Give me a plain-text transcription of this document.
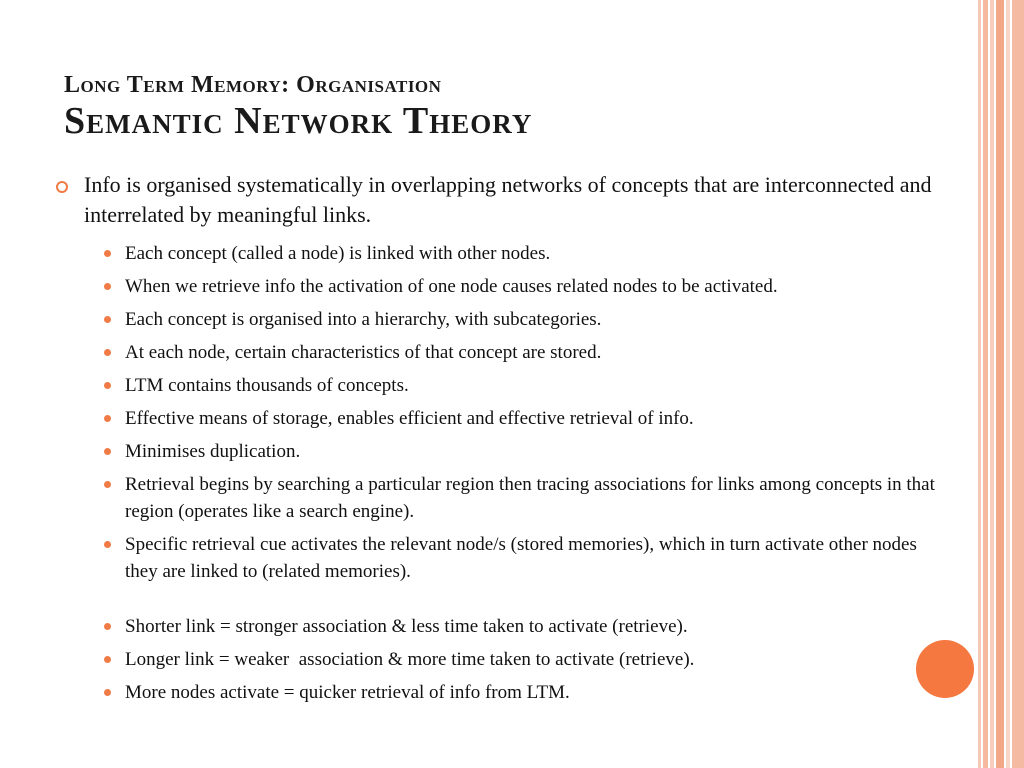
Long Term Memory: Organisation
Semantic Network Theory
Info is organised systematically in overlapping networks of concepts that are interconnected and interrelated by meaningful links.
Each concept (called a node) is linked with other nodes.
When we retrieve info the activation of one node causes related nodes to be activated.
Each concept is organised into a hierarchy, with subcategories.
At each node, certain characteristics of that concept are stored.
LTM contains thousands of concepts.
Effective means of storage, enables efficient and effective retrieval of info.
Minimises duplication.
Retrieval begins by searching a particular region then tracing associations for links among concepts in that region (operates like a search engine).
Specific retrieval cue activates the relevant node/s (stored memories), which in turn activate other nodes they are linked to (related memories).
Shorter link = stronger association & less time taken to activate (retrieve).
Longer link = weaker  association & more time taken to activate (retrieve).
More nodes activate = quicker retrieval of info from LTM.
